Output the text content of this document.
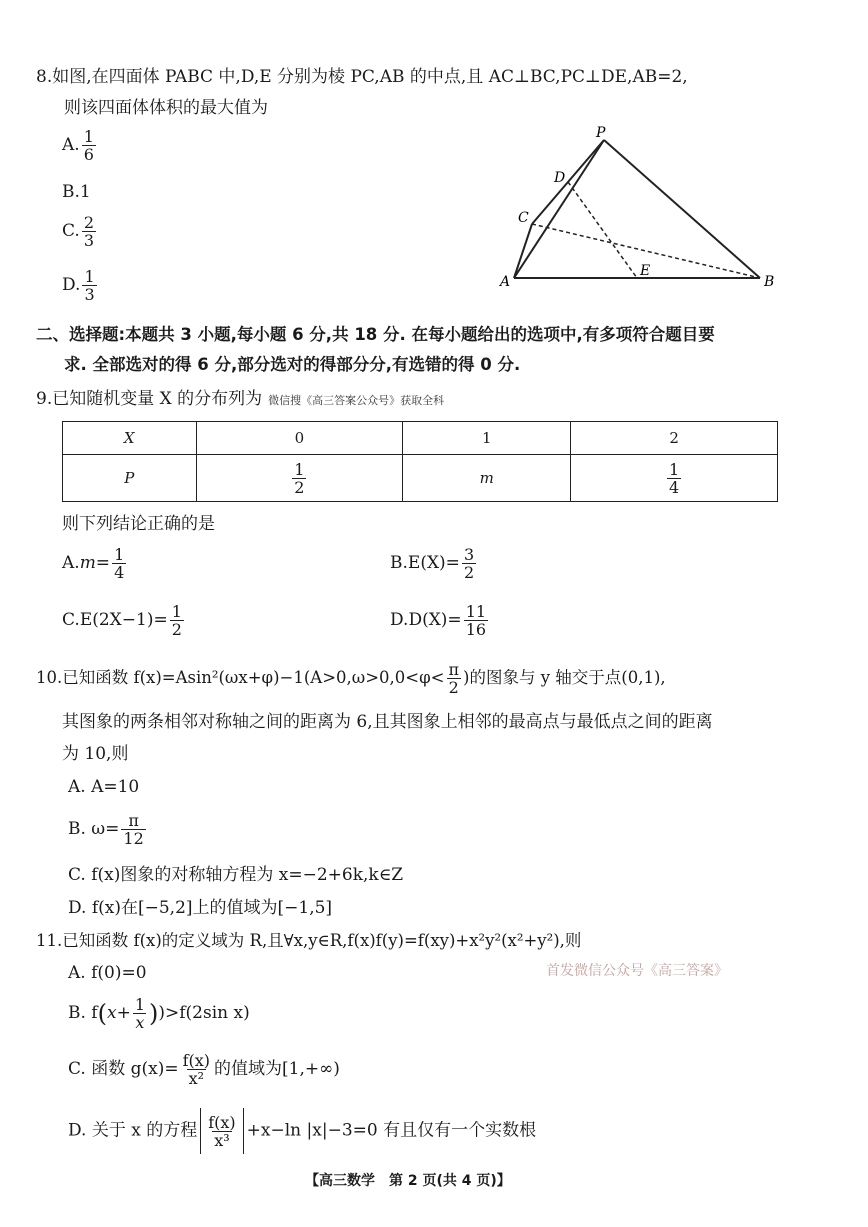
8.如图,在四面体 PABC 中,D,E 分别为棱 PC,AB 的中点,且 AC⊥BC,PC⊥DE,AB=2,
则该四面体体积的最大值为
A. $\frac{1}{6}$
B.1
C. $\frac{2}{3}$
D. $\frac{1}{3}$
P
D
C
A
E
B
二、选择题:本题共 3 小题,每小题 6 分,共 18 分. 在每小题给出的选项中,有多项符合题目要
求. 全部选对的得 6 分,部分选对的得部分分,有选错的得 0 分.
9.已知随机变量 X 的分布列为 微信搜《高三答案公众号》获取全科
X	0	1	2
P	$\frac{1}{2}$	m	$\frac{1}{4}$
则下列结论正确的是
$A.m= \frac{1}{4}$	$B.E(X)= \frac{3}{2}$
$C.E(2X-1)= \frac{1}{2}$	$D.D(X)= \frac{11}{16}$
10.已知函数 $f(x)=Asin^2(\omega x+\varphi)-1(A>0,\omega>0,0<\varphi< \frac{\pi}{2}$ )的图象与 y 轴交于点(0,1),
其图象的两条相邻对称轴之间的距离为 6,且其图象上相邻的最高点与最低点之间的距离
为 10,则
A. A=10
B. $\omega= \frac{\pi}{12}$
C. f(x)图象的对称轴方程为 x=−2+6k,k∈Z
D. f(x)在[−5,2]上的值域为[−1,5]
11.已知函数 f(x)的定义域为 R,且∀x,y∈R,f(x)f(y)=f(xy)+x²y²(x²+y²),则
A. f(0)=0	首发微信公众号《高三答案》
B. $f(x+ \frac{1}{x} ))>f(2\sin$ x)
C. 函数 $g(x)= \frac{f(x)}{\text{x²}}$ 的值域为[1,+∞)
D. 关于 x 的方程 $\frac{f(x)}{\text{x³}} +x-\ln$ |x|−3=0 有且仅有一个实数根
【高三数学　第 2 页(共 4 页)】
